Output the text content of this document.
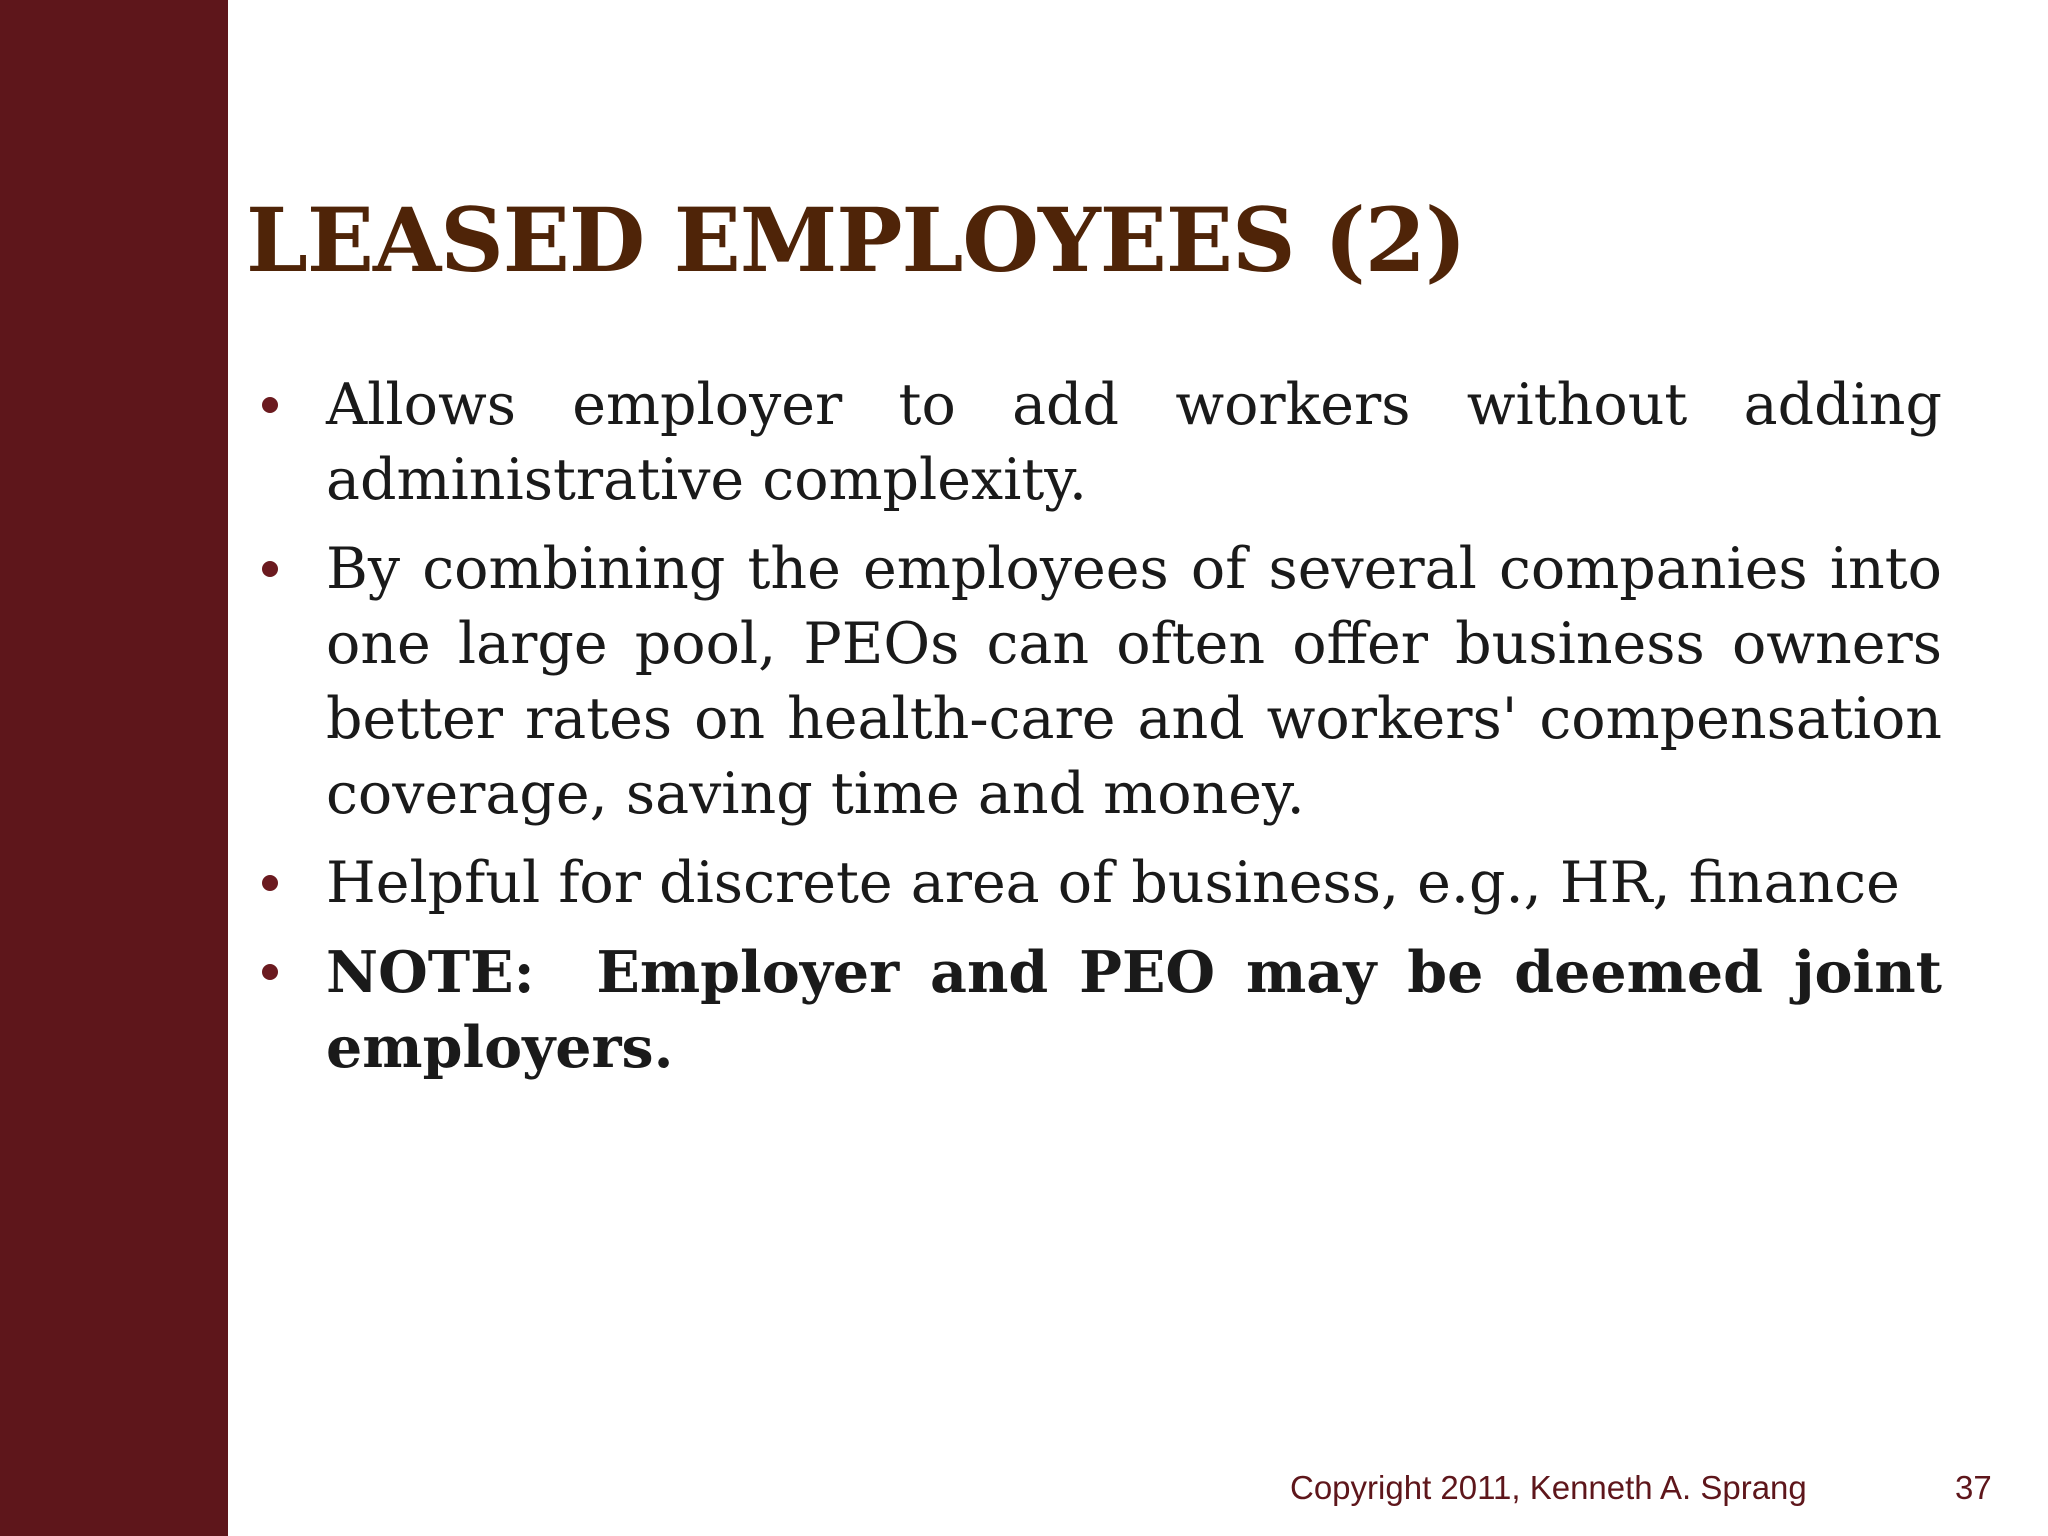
LEASED EMPLOYEES (2)
Allows employer to add workers without adding administrative complexity.
By combining the employees of several companies into one large pool, PEOs can often offer business owners better rates on health-care and workers' compensation coverage, saving time and money.
Helpful for discrete area of business, e.g., HR, finance
NOTE:  Employer and PEO may be deemed joint employers.
Copyright 2011, Kenneth A. Sprang	37
